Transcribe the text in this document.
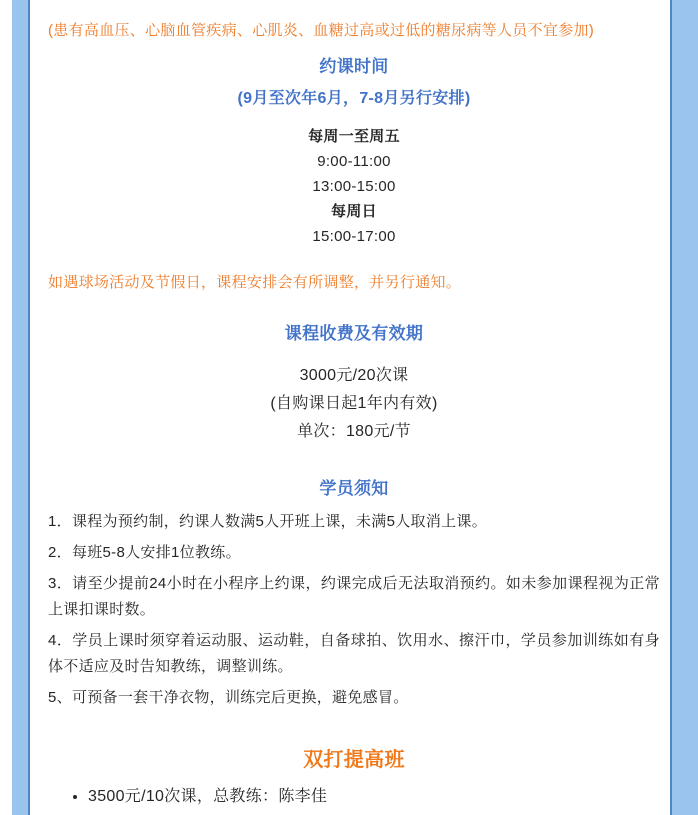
(患有高血压、心脑血管疾病、心肌炎、血糖过高或过低的糖尿病等人员不宜参加)

约课时间

(9月至次年6月，7-8月另行安排)

每周一至周五

9:00-11:00

13:00-15:00

每周日

15:00-17:00

如遇球场活动及节假日，课程安排会有所调整，并另行通知。

课程收费及有效期

3000元/20次课

(自购课日起1年内有效)

单次：180元/节

学员须知

1．课程为预约制，约课人数满5人开班上课，未满5人取消上课。

2．每班5-8人安排1位教练。

3．请至少提前24小时在小程序上约课，约课完成后无法取消预约。如未参加课程视为正常上课扣课时数。

4．学员上课时须穿着运动服、运动鞋，自备球拍、饮用水、擦汗巾，学员参加训练如有身体不适应及时告知教练，调整训练。

5、可预备一套干净衣物，训练完后更换，避免感冒。

双打提高班

• 3500元/10次课，总教练：陈李佳
